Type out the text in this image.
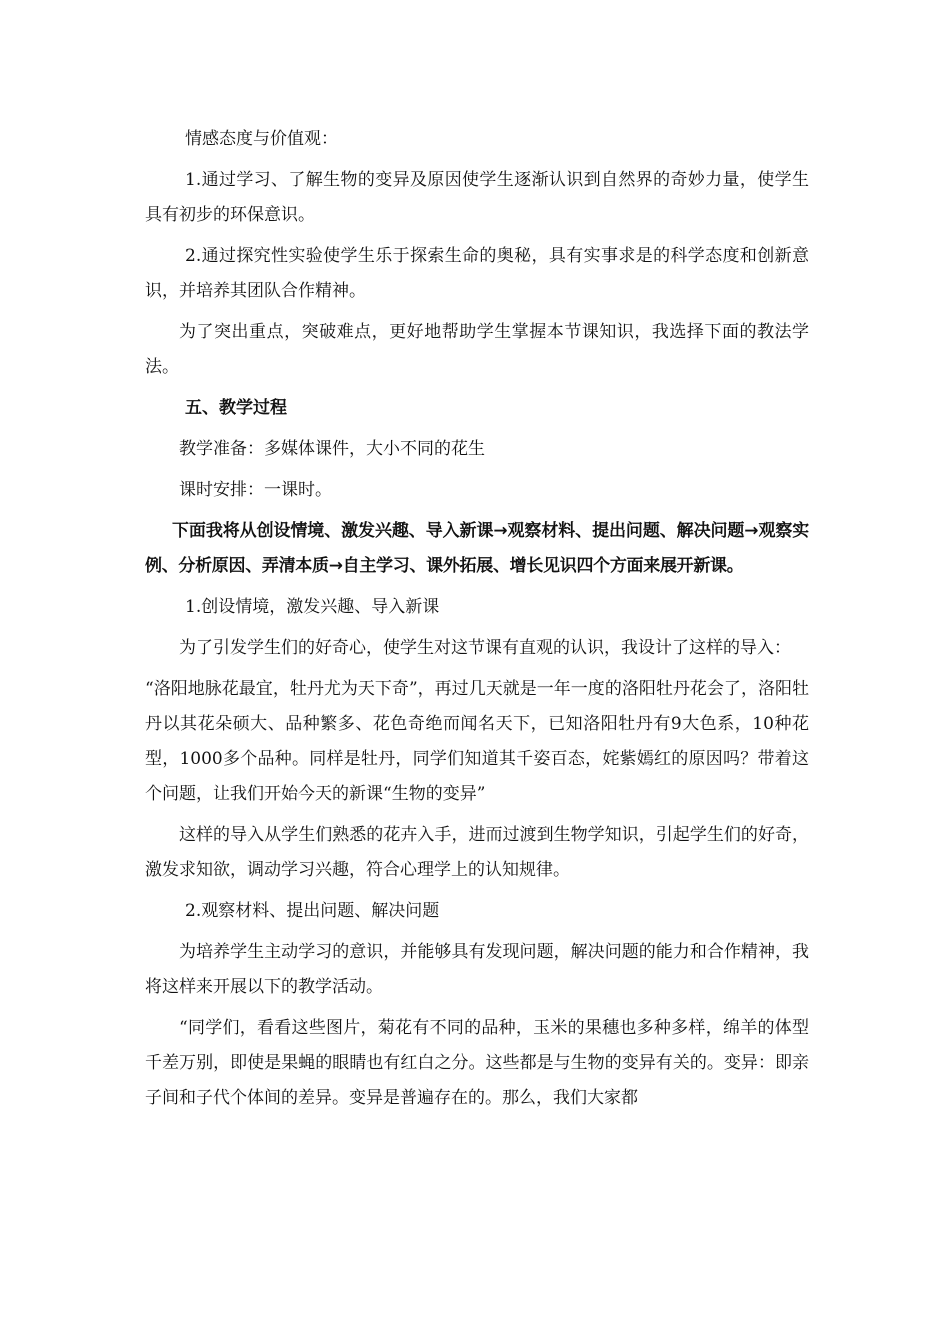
情感态度与价值观：

1.通过学习、了解生物的变异及原因使学生逐渐认识到自然界的奇妙力量，使学生具有初步的环保意识。

2.通过探究性实验使学生乐于探索生命的奥秘，具有实事求是的科学态度和创新意识，并培养其团队合作精神。

为了突出重点，突破难点，更好地帮助学生掌握本节课知识，我选择下面的教法学法。

五、教学过程

教学准备：多媒体课件，大小不同的花生

课时安排：一课时。

下面我将从创设情境、激发兴趣、导入新课→观察材料、提出问题、解决问题→观察实例、分析原因、弄清本质→自主学习、课外拓展、增长见识四个方面来展开新课。

1.创设情境，激发兴趣、导入新课

为了引发学生们的好奇心，使学生对这节课有直观的认识，我设计了这样的导入：

“洛阳地脉花最宜，牡丹尤为天下奇”，再过几天就是一年一度的洛阳牡丹花会了，洛阳牡丹以其花朵硕大、品种繁多、花色奇绝而闻名天下，已知洛阳牡丹有9大色系，10种花型，1000多个品种。同样是牡丹，同学们知道其千姿百态，姹紫嫣红的原因吗？带着这个问题，让我们开始今天的新课“生物的变异”

这样的导入从学生们熟悉的花卉入手，进而过渡到生物学知识，引起学生们的好奇，激发求知欲，调动学习兴趣，符合心理学上的认知规律。

2.观察材料、提出问题、解决问题

为培养学生主动学习的意识，并能够具有发现问题，解决问题的能力和合作精神，我将这样来开展以下的教学活动。

“同学们，看看这些图片，菊花有不同的品种，玉米的果穗也多种多样，绵羊的体型千差万别，即使是果蝇的眼睛也有红白之分。这些都是与生物的变异有关的。变异：即亲子间和子代个体间的差异。变异是普遍存在的。那么，我们大家都
